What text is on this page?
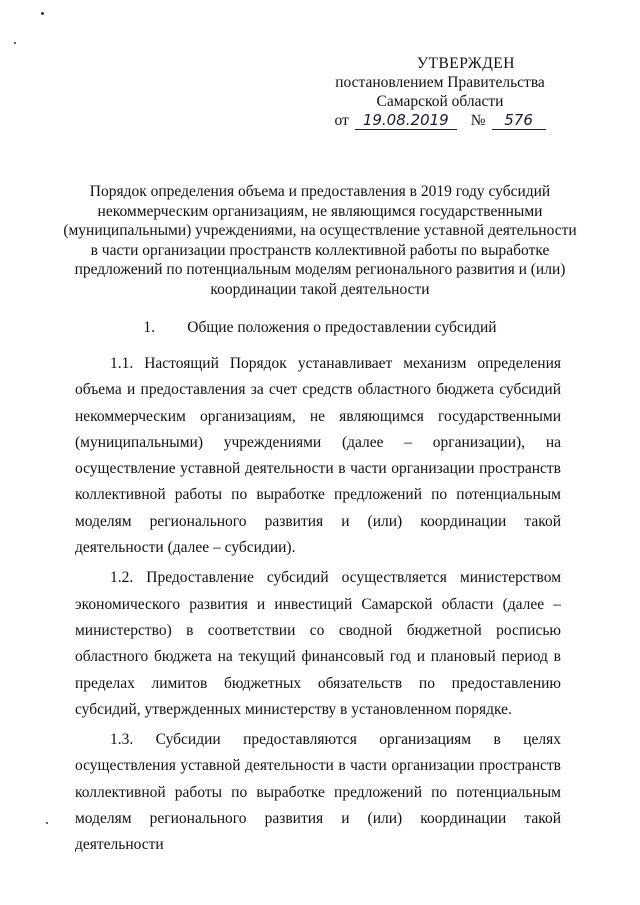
УТВЕРЖДЕН
постановлением Правительства
Самарской области
от 19.08.2019	№	576
Порядок определения объема и предоставления в 2019 году субсидий некоммерческим организациям, не являющимся государственными (муниципальными) учреждениями, на осуществление уставной деятельности в части организации пространств коллективной работы по выработке предложений по потенциальным моделям регионального развития и (или) координации такой деятельности
1. Общие положения о предоставлении субсидий

1.1. Настоящий Порядок устанавливает механизм определения объема и предоставления за счет средств областного бюджета субсидий некоммерческим организациям, не являющимся государственными (муниципальными) учреждениями (далее – организации), на осуществление уставной деятельности в части организации пространств коллективной работы по выработке предложений по потенциальным моделям регионального развития и (или) координации такой деятельности (далее – субсидии).

1.2. Предоставление субсидий осуществляется министерством экономического развития и инвестиций Самарской области (далее – министерство) в соответствии со сводной бюджетной росписью областного бюджета на текущий финансовый год и плановый период в пределах лимитов бюджетных обязательств по предоставлению субсидий, утвержденных министерству в установленном порядке.

1.3. Субсидии предоставляются организациям в целях осуществления уставной деятельности в части организации пространств коллективной работы по выработке предложений по потенциальным моделям регионального развития и (или) координации такой деятельности
